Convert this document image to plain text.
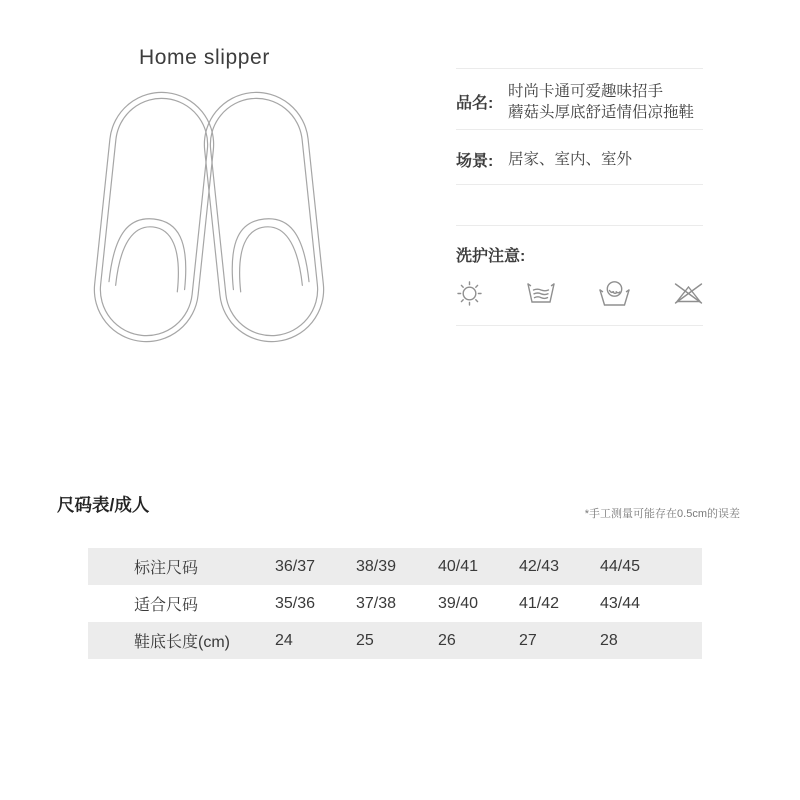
Home slipper
品名:
时尚卡通可爱趣味招手
蘑菇头厚底舒适情侣凉拖鞋
场景: 居家、室内、室外
洗护注意:
尺码表/成人	*手工测量可能存在0.5cm的误差
标注尺码	36/37	38/39	40/41	42/43	44/45
适合尺码	35/36	37/38	39/40	41/42	43/44
鞋底长度(cm)	24	25	26	27	28
